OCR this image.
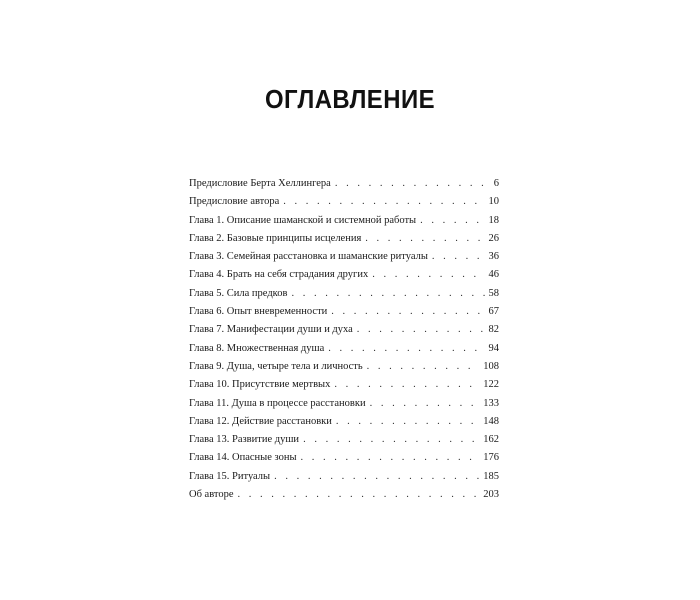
ОГЛАВЛЕНИЕ
Предисловие Берта Хеллингера . . .	6
Предисловие автора . . .	10
Глава 1. Описание шаманской и системной работы . . .	18
Глава 2. Базовые принципы исцеления . . .	26
Глава 3. Семейная расстановка и шаманские ритуалы . . .	36
Глава 4. Брать на себя страдания других . . .	46
Глава 5. Сила предков . . .	58
Глава 6. Опыт вневременности . . .	67
Глава 7. Манифестации души и духа . . .	82
Глава 8. Множественная душа . . .	94
Глава 9. Душа, четыре тела и личность . . .	108
Глава 10. Присутствие мертвых . . .	122
Глава 11. Душа в процессе расстановки . . .	133
Глава 12. Действие расстановки . . .	148
Глава 13. Развитие души . . .	162
Глава 14. Опасные зоны . . .	176
Глава 15. Ритуалы . . .	185
Об авторе . . .	203
